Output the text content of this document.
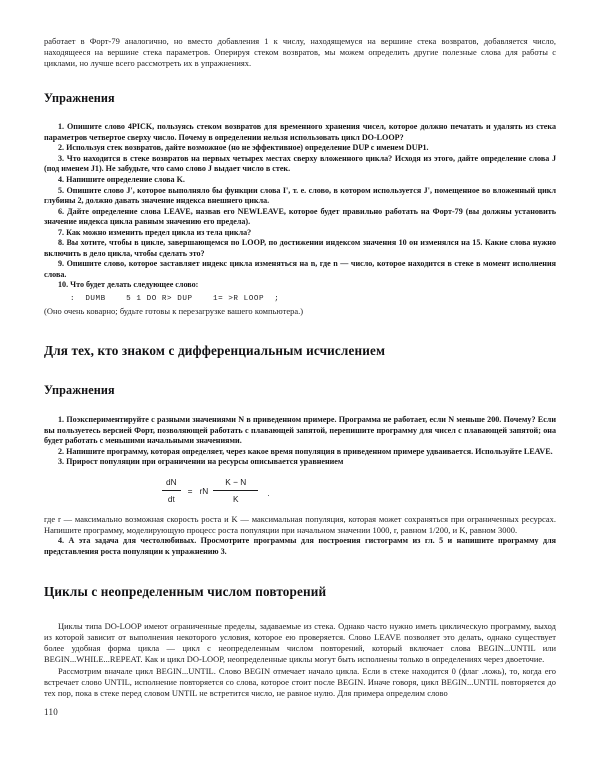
работает в Форт-79 аналогично, но вместо добавления 1 к числу, находящемуся на вершине стека возвратов, добавляется число, находящееся на вершине стека параметров. Оперируя стеком возвратов, мы можем определить другие полезные слова для работы с циклами, но лучше всего рассмотреть их в упражнениях.

Упражнения

1. Опишите слово 4PICK, пользуясь стеком возвратов для временного хранения чисел, которое должно печатать и удалять из стека параметров четвертое сверху число. Почему в определении нельзя использовать цикл DO-LOOP?

2. Используя стек возвратов, дайте возможное (но не эффективное) определение DUP с именем DUP1.

3. Что находится в стеке возвратов на первых четырех местах сверху вложенного цикла? Исходя из этого, дайте определение слова J (под именем J1). Не забудьте, что само слово J выдает число в стек.

4. Напишите определение слова K.

5. Опишите слово J', которое выполняло бы функции слова I', т. е. слово, в котором используется J', помещенное во вложенный цикл глубины 2, должно давать значение индекса внешнего цикла.

6. Дайте определение слова LEAVE, назвав его NEWLEAVE, которое будет правильно работать на Форт-79 (вы должны установить значение индекса цикла равным значению его предела).

7. Как можно изменить предел цикла из тела цикла?

8. Вы хотите, чтобы в цикле, завершающемся по LOOP, по достижении индексом значения 10 он изменялся на 15. Какие слова нужно включить в дело цикла, чтобы сделать это?

9. Опишите слово, которое заставляет индекс цикла изменяться на n, где n — число, которое находится в стеке в момент исполнения слова.

10. Что будет делать следующее слово:

:  DUMB    5 1 DO R> DUP    1= >R LOOP  ;

(Оно очень коварно; будьте готовы к перезагрузке вашего компьютера.)

Для тех, кто знаком с дифференциальным исчислением
Упражнения

1. Поэкспериментируйте с разными значениями N в приведенном примере. Программа не работает, если N меньше 200. Почему? Если вы пользуетесь версией Форт, позволяющей работать с плавающей запятой, перепишите программу для чисел с плавающей запятой; она будет работать с меньшими начальными значениями.

2. Напишите программу, которая определяет, через какое время популяция в приведенном примере удваивается. Используйте LEAVE.

3. Прирост популяции при ограничении на ресурсы описывается уравнением

$\frac{dN}{dt}$ = rN $\frac{K - N}{K}$	.

где r — максимально возможная скорость роста и K — максимальная популяция, которая может сохраняться при ограниченных ресурсах. Напишите программу, моделирующую процесс роста популяции при начальном значении 1000, r, равном 1/200, и K, равном 3000.

4. А эта задача для честолюбивых. Просмотрите программы для построения гистограмм из гл. 5 и напишите программу для представления роста популяции к упражнению 3.

Циклы с неопределенным числом повторений

Циклы типа DO-LOOP имеют ограниченные пределы, задаваемые из стека. Однако часто нужно иметь циклическую программу, выход из которой зависит от выполнения некоторого условия, которое ею проверяется. Слово LEAVE позволяет это делать, однако существует более удобная форма цикла — цикл с неопределенным числом повторений, который включает слова BEGIN...UNTIL или BEGIN...WHILE...REPEAT. Как и цикл DO-LOOP, неопределенные циклы могут быть исполнены только в определениях через двоеточие.

Рассмотрим вначале цикл BEGIN...UNTIL. Слово BEGIN отмечает начало цикла. Если в стеке находится 0 (флаг .ложь), то, когда его встречает слово UNTIL, исполнение повторяется со слова, которое стоит после BEGIN. Иначе говоря, цикл BEGIN...UNTIL повторяется до тех пор, пока в стеке перед словом UNTIL не встретится число, не равное нулю. Для примера определим слово

110
